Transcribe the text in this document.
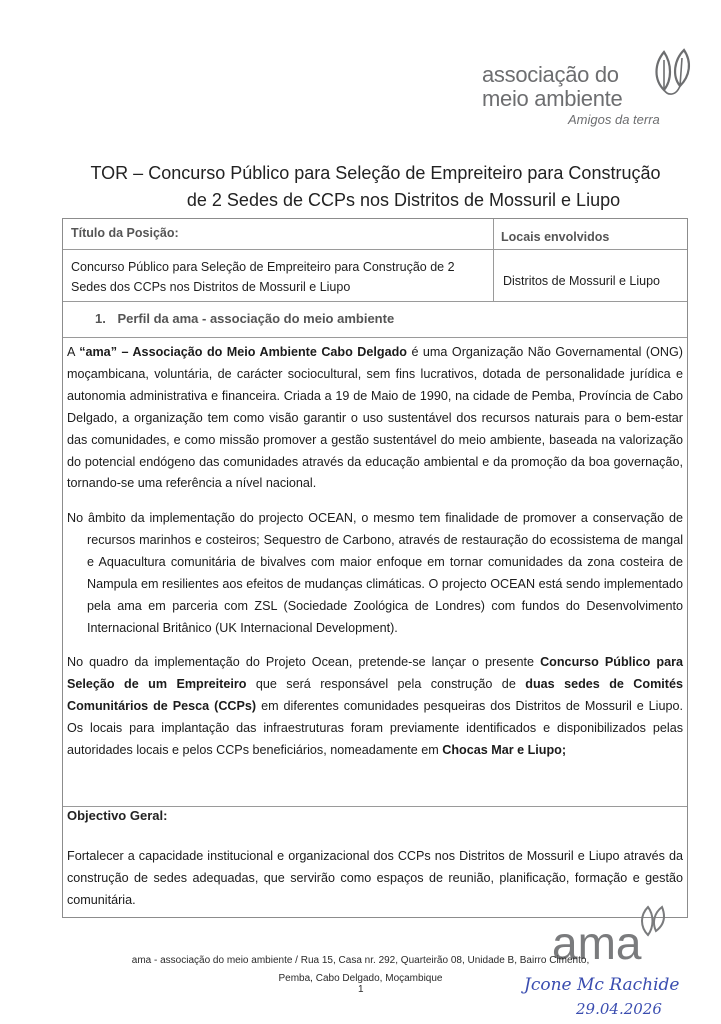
associação do
meio ambiente
Amigos da terra
TOR – Concurso Público para Seleção de Empreiteiro para Construção
de 2 Sedes de CCPs nos Distritos de Mossuril e Liupo
Título da Posição:	Locais envolvidos
Concurso Público para Seleção de Empreiteiro para Construção de 2
Sedes dos CCPs nos Distritos de Mossuril e Liupo	Distritos de Mossuril e Liupo
1. Perfil da ama - associação do meio ambiente

A “ama” – Associação do Meio Ambiente Cabo Delgado é uma Organização Não Governamental (ONG) moçambicana, voluntária, de carácter sociocultural, sem fins lucrativos, dotada de personalidade jurídica e autonomia administrativa e financeira. Criada a 19 de Maio de 1990, na cidade de Pemba, Província de Cabo Delgado, a organização tem como visão garantir o uso sustentável dos recursos naturais para o bem-estar das comunidades, e como missão promover a gestão sustentável do meio ambiente, baseada na valorização do potencial endógeno das comunidades através da educação ambiental e da promoção da boa governação, tornando-se uma referência a nível nacional.

No âmbito da implementação do projecto OCEAN, o mesmo tem finalidade de promover a conservação de recursos marinhos e costeiros; Sequestro de Carbono, através de restauração do ecossistema de mangal e Aquacultura comunitária de bivalves com maior enfoque em tornar comunidades da zona costeira de Nampula em resilientes aos efeitos de mudanças climáticas. O projecto OCEAN está sendo implementado pela ama em parceria com ZSL (Sociedade Zoológica de Londres) com fundos do Desenvolvimento Internacional Britânico (UK Internacional Development).

No quadro da implementação do Projeto Ocean, pretende-se lançar o presente Concurso Público para Seleção de um Empreiteiro que será responsável pela construção de duas sedes de Comités Comunitários de Pesca (CCPs) em diferentes comunidades pesqueiras dos Distritos de Mossuril e Liupo. Os locais para implantação das infraestruturas foram previamente identificados e disponibilizados pelas autoridades locais e pelos CCPs beneficiários, nomeadamente em Chocas Mar e Liupo;

Objectivo Geral:

Fortalecer a capacidade institucional e organizacional dos CCPs nos Distritos de Mossuril e Liupo através da construção de sedes adequadas, que servirão como espaços de reunião, planificação, formação e gestão comunitária.

ama
ama - associação do meio ambiente / Rua 15, Casa nr. 292, Quarteirão 08, Unidade B, Bairro Cimento,
Pemba, Cabo Delgado, Moçambique
1	Jcone Mc Rachide
29.04.2026
